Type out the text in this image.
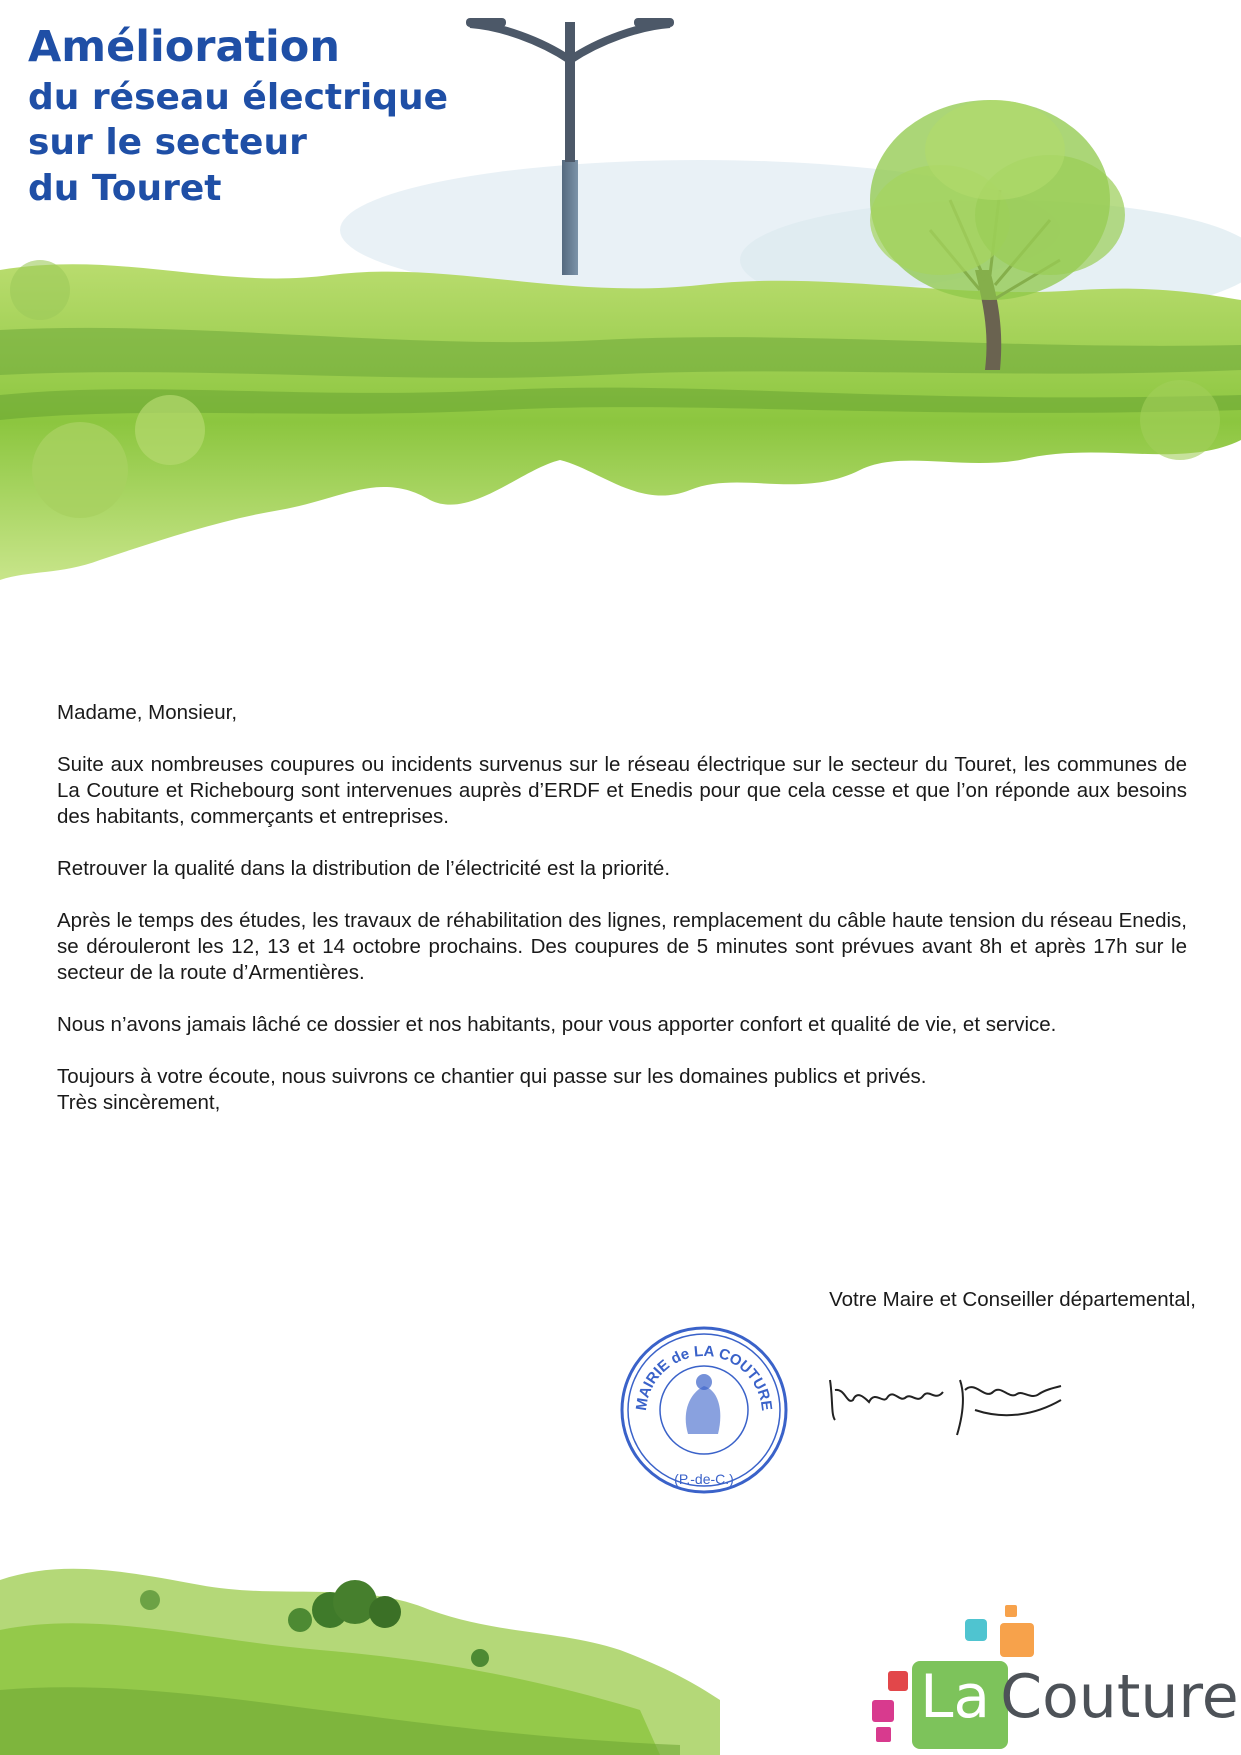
Amélioration
du réseau électrique
sur le secteur
du Touret

Madame, Monsieur,

Suite aux nombreuses coupures ou incidents survenus sur le réseau électrique sur le secteur du Touret, les communes de La Couture et Richebourg sont intervenues auprès d’ERDF et Enedis pour que cela cesse et que l’on réponde aux besoins des habitants, commerçants et entreprises.

Retrouver la qualité dans la distribution de l’électricité est la priorité.

Après le temps des études, les travaux de réhabilitation des lignes, remplacement du câble haute tension du réseau Enedis, se dérouleront les 12, 13 et 14 octobre prochains. Des coupures de 5 minutes sont prévues avant 8h et après 17h sur le secteur de la route d’Armentières.

Nous n’avons jamais lâché ce dossier et nos habitants, pour vous apporter confort et qualité de vie, et service.

Toujours à votre écoute, nous suivrons ce chantier qui passe sur les domaines publics et privés.
Très sincèrement,

Votre Maire et Conseiller départemental,
MAIRIE de LA COUTURE
(P.-de-C.)
La Couture
